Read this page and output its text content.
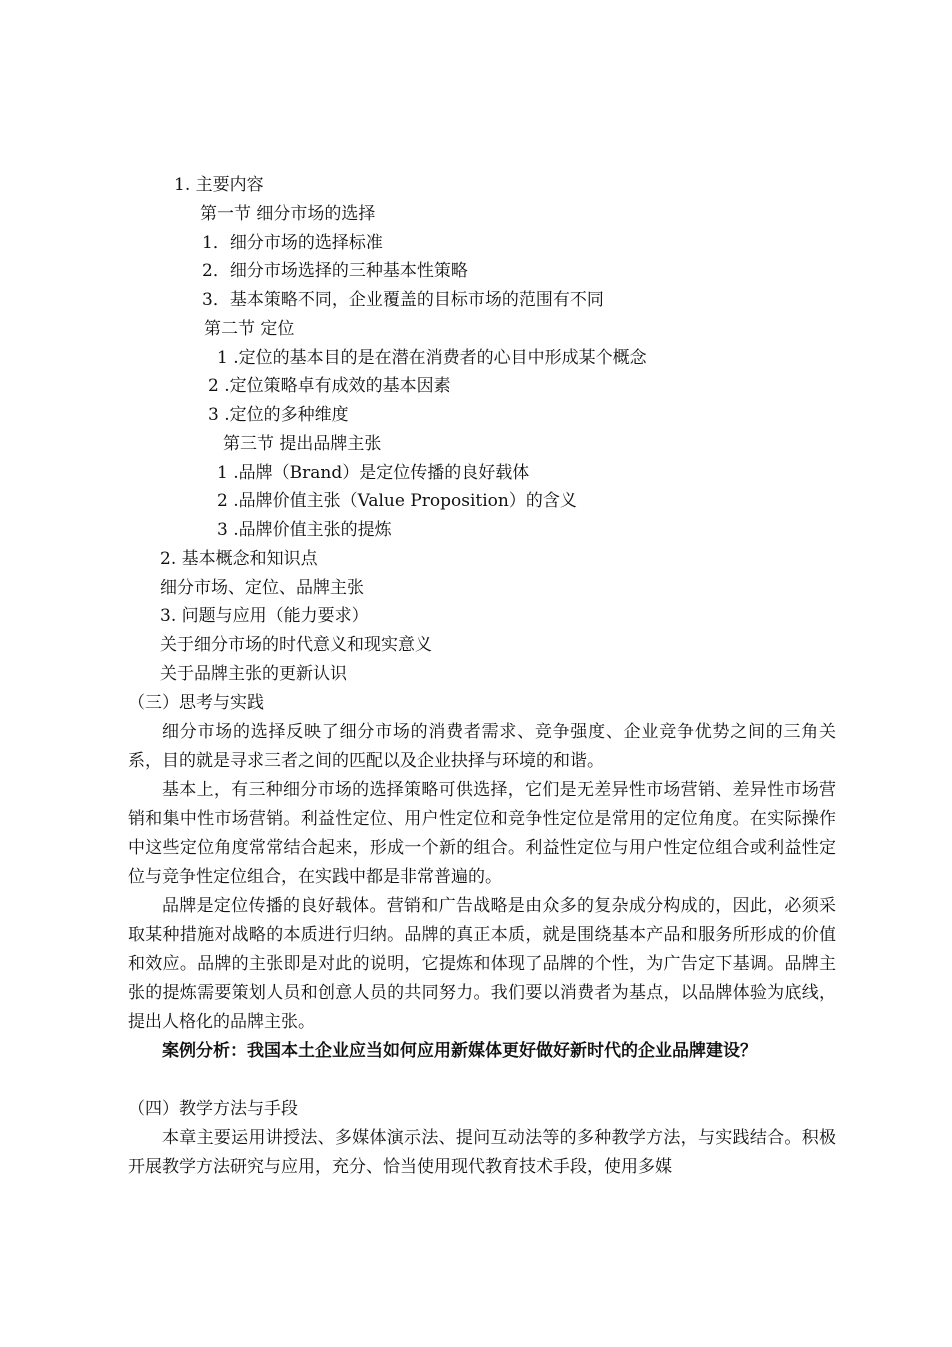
1. 主要内容

第一节 细分市场的选择

1．细分市场的选择标准

2．细分市场选择的三种基本性策略

3．基本策略不同，企业覆盖的目标市场的范围有不同

第二节 定位

1 .定位的基本目的是在潜在消费者的心目中形成某个概念

2 .定位策略卓有成效的基本因素

3 .定位的多种维度

第三节 提出品牌主张

1 .品牌（Brand）是定位传播的良好载体

2 .品牌价值主张（Value Proposition）的含义

3 .品牌价值主张的提炼

2. 基本概念和知识点

细分市场、定位、品牌主张

3. 问题与应用（能力要求）

关于细分市场的时代意义和现实意义

关于品牌主张的更新认识

（三）思考与实践

细分市场的选择反映了细分市场的消费者需求、竞争强度、企业竞争优势之间的三角关系，目的就是寻求三者之间的匹配以及企业抉择与环境的和谐。

基本上，有三种细分市场的选择策略可供选择，它们是无差异性市场营销、差异性市场营销和集中性市场营销。利益性定位、用户性定位和竞争性定位是常用的定位角度。在实际操作中这些定位角度常常结合起来，形成一个新的组合。利益性定位与用户性定位组合或利益性定位与竞争性定位组合，在实践中都是非常普遍的。

品牌是定位传播的良好载体。营销和广告战略是由众多的复杂成分构成的，因此，必须采取某种措施对战略的本质进行归纳。品牌的真正本质，就是围绕基本产品和服务所形成的价值和效应。品牌的主张即是对此的说明，它提炼和体现了品牌的个性，为广告定下基调。品牌主张的提炼需要策划人员和创意人员的共同努力。我们要以消费者为基点，以品牌体验为底线，提出人格化的品牌主张。

案例分析：我国本土企业应当如何应用新媒体更好做好新时代的企业品牌建设？

（四）教学方法与手段

本章主要运用讲授法、多媒体演示法、提问互动法等的多种教学方法，与实践结合。积极开展教学方法研究与应用，充分、恰当使用现代教育技术手段，使用多媒
